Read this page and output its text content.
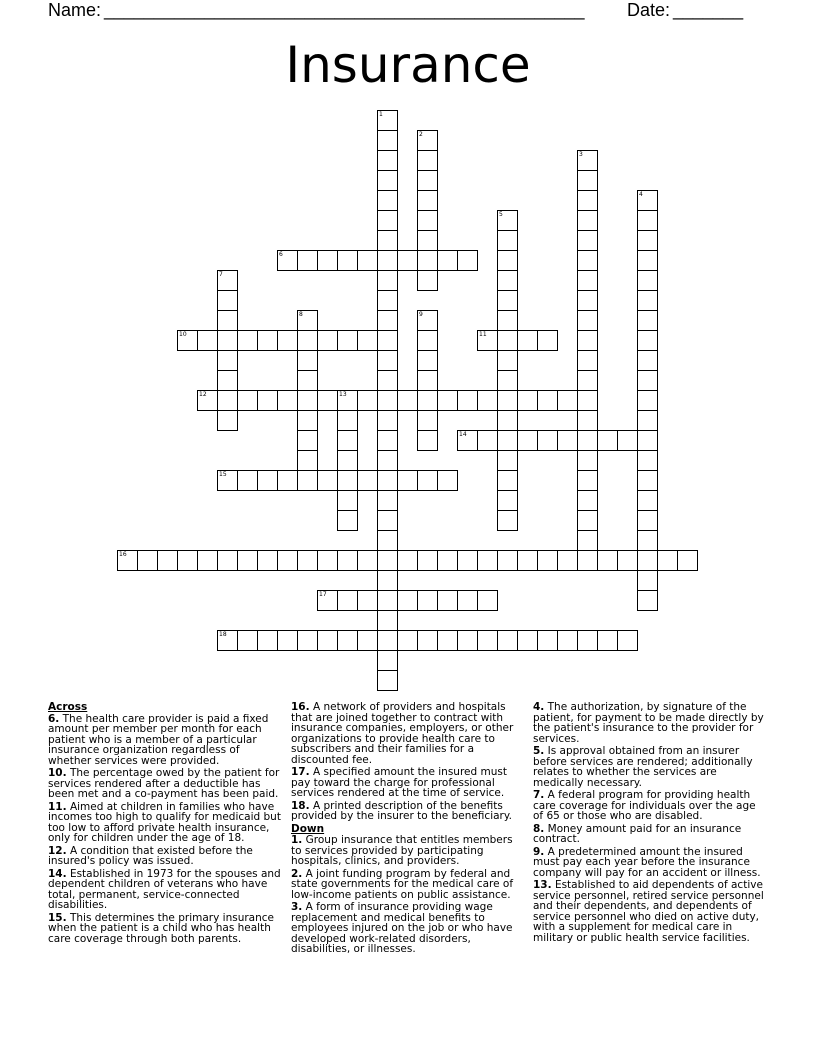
Name: ________________________________________________ Date: _______
Insurance
1
2
3
4
5
6
7
8	9
10	11
12	13
14
15
16
17
18
Across
6. The health care provider is paid a fixed amount per member per month for each patient who is a member of a particular insurance organization regardless of whether services were provided.
10. The percentage owed by the patient for services rendered after a deductible has been met and a co-payment has been paid.
11. Aimed at children in families who have incomes too high to qualify for medicaid but too low to afford private health insurance, only for children under the age of 18.
12. A condition that existed before the insured's policy was issued.
14. Established in 1973 for the spouses and dependent children of veterans who have total, permanent, service-connected disabilities.
15. This determines the primary insurance when the patient is a child who has health care coverage through both parents.
16. A network of providers and hospitals that are joined together to contract with insurance companies, employers, or other organizations to provide health care to subscribers and their families for a discounted fee.
17. A specified amount the insured must pay toward the charge for professional services rendered at the time of service.
18. A printed description of the benefits provided by the insurer to the beneficiary.
Down
1. Group insurance that entitles members to services provided by participating hospitals, clinics, and providers.
2. A joint funding program by federal and state governments for the medical care of low-income patients on public assistance.
3. A form of insurance providing wage replacement and medical benefits to employees injured on the job or who have developed work-related disorders, disabilities, or illnesses.
4. The authorization, by signature of the patient, for payment to be made directly by the patient's insurance to the provider for services.
5. Is approval obtained from an insurer before services are rendered; additionally relates to whether the services are medically necessary.
7. A federal program for providing health care coverage for individuals over the age of 65 or those who are disabled.
8. Money amount paid for an insurance contract.
9. A predetermined amount the insured must pay each year before the insurance company will pay for an accident or illness.
13. Established to aid dependents of active service personnel, retired service personnel and their dependents, and dependents of service personnel who died on active duty, with a supplement for medical care in military or public health service facilities.
